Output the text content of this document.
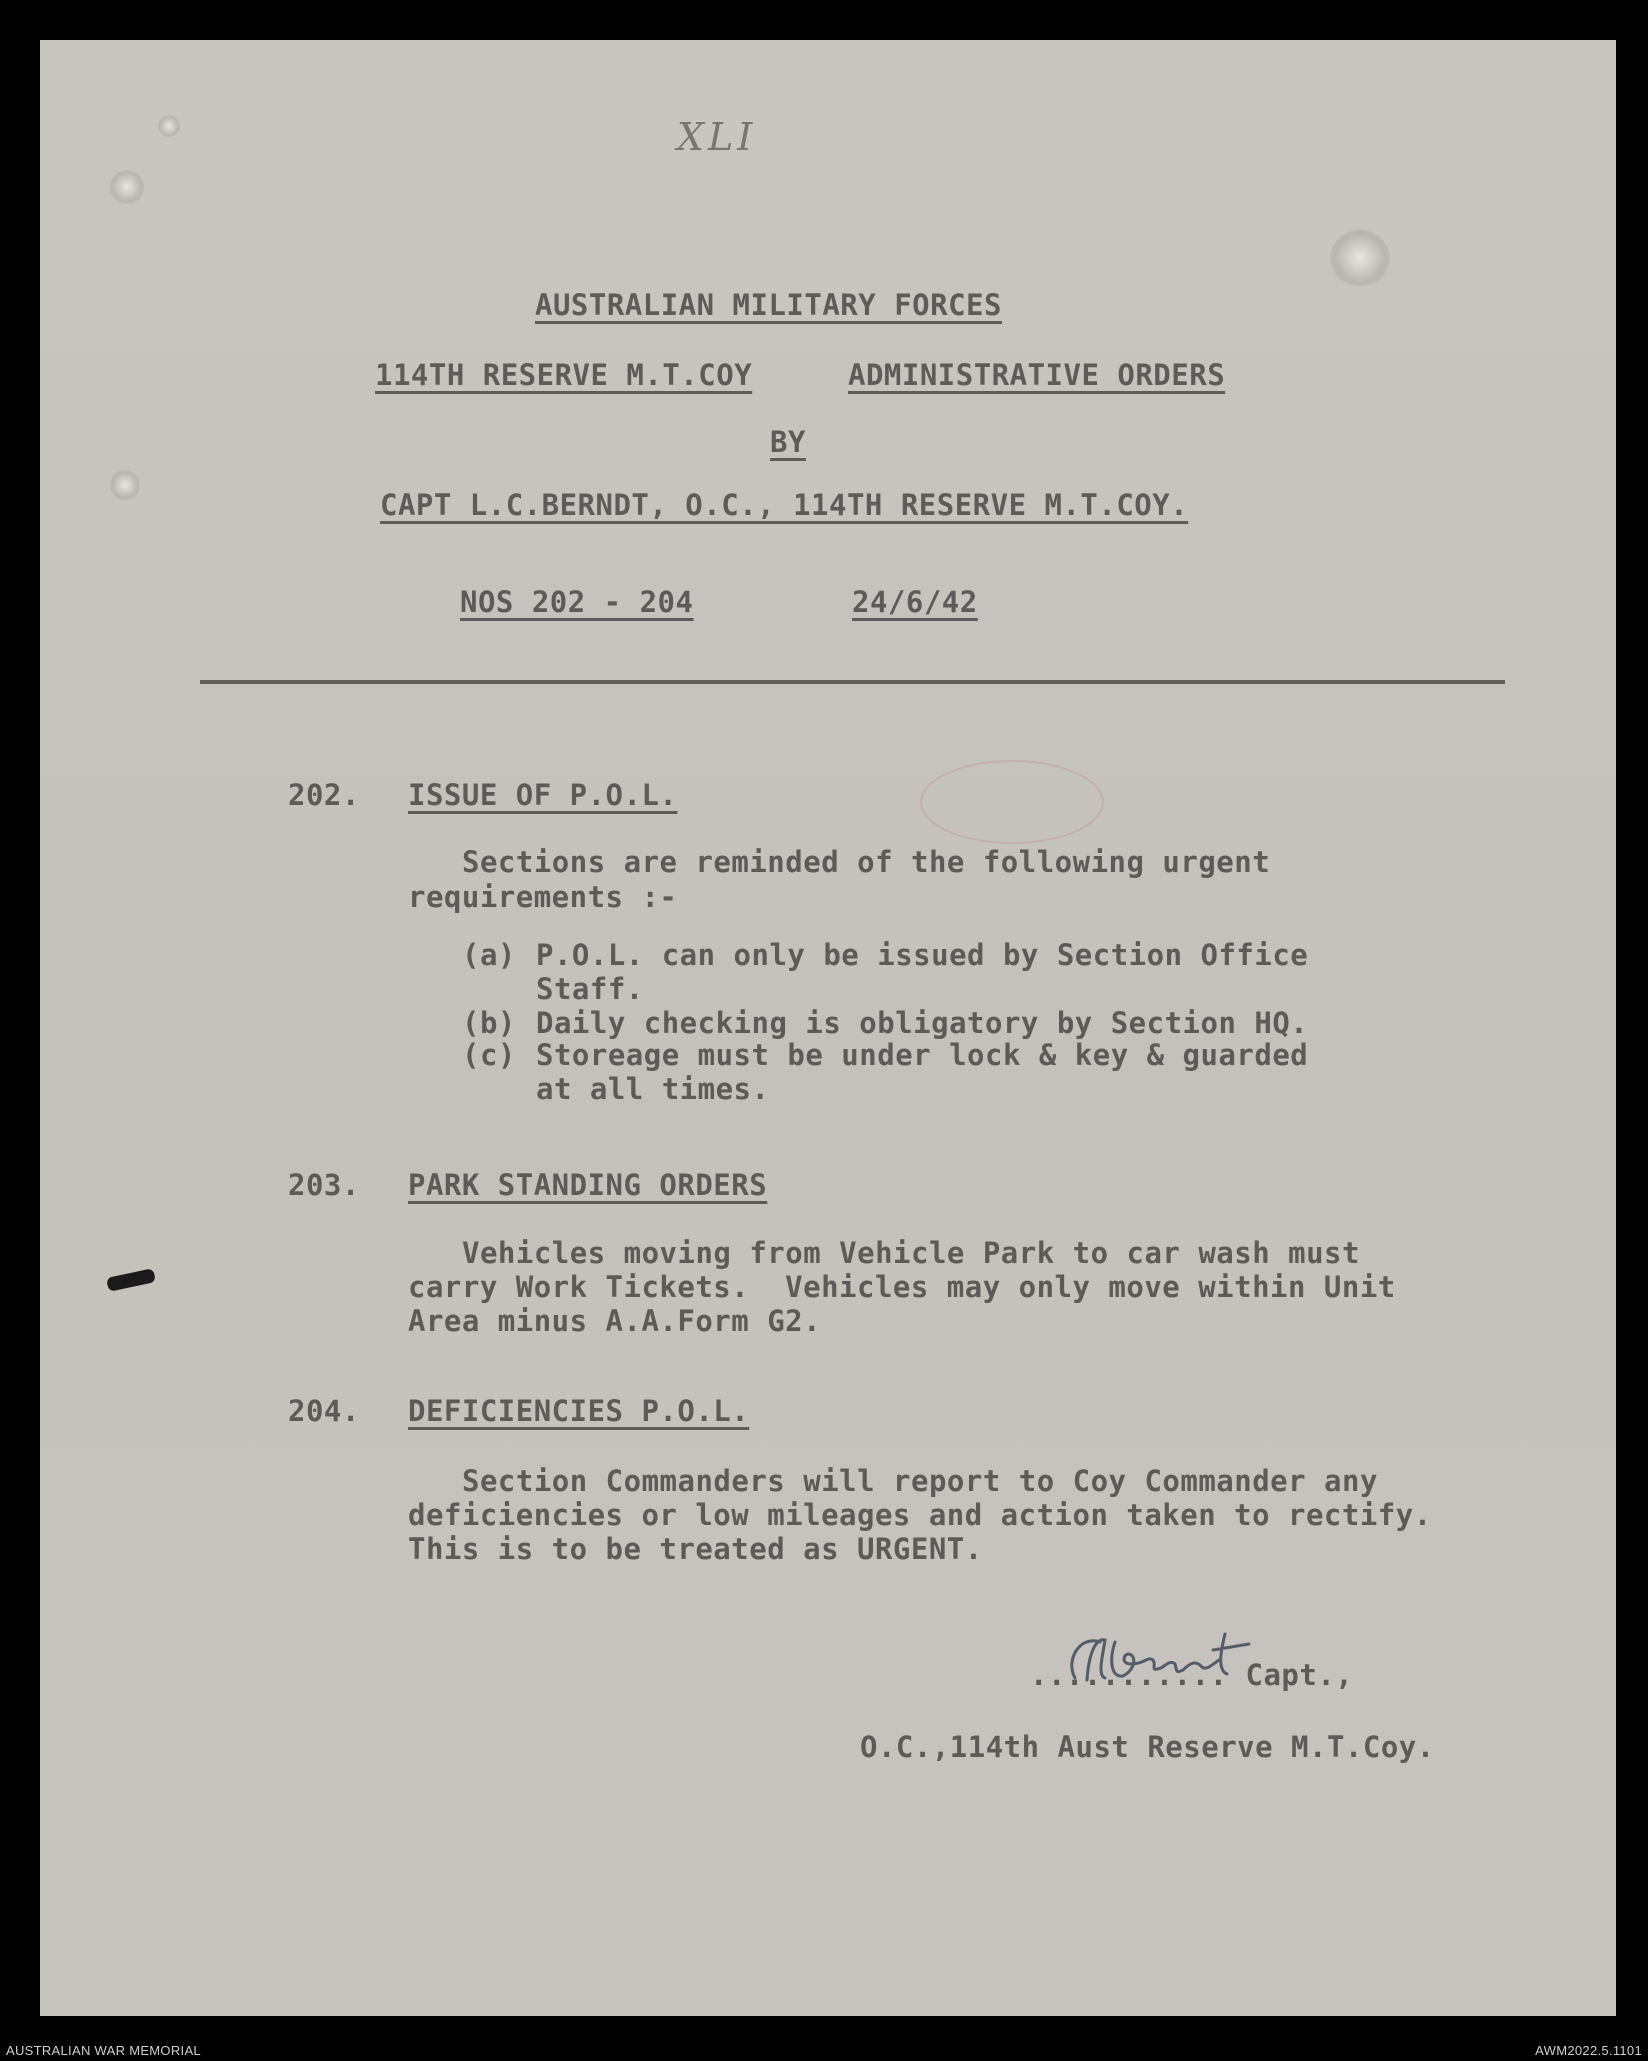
XLI
AUSTRALIAN MILITARY FORCES
114TH RESERVE M.T.COY	ADMINISTRATIVE ORDERS
BY
CAPT L.C.BERNDT, O.C., 114TH RESERVE M.T.COY.
NOS 202 - 204	24/6/42
202. ISSUE OF P.O.L.
Sections are reminded of the following urgent
requirements :-
(a) P.O.L. can only be issued by Section Office
Staff.
(b) Daily checking is obligatory by Section HQ.
(c) Storeage must be under lock & key & guarded
at all times.
203. PARK STANDING ORDERS
Vehicles moving from Vehicle Park to car wash must
carry Work Tickets.  Vehicles may only move within Unit
Area minus A.A.Form G2.
204. DEFICIENCIES P.O.L.
Section Commanders will report to Coy Commander any
deficiencies or low mileages and action taken to rectify.
This is to be treated as URGENT.
........... Capt.,
O.C.,114th Aust Reserve M.T.Coy.
AUSTRALIAN WAR MEMORIAL	AWM2022.5.1101
